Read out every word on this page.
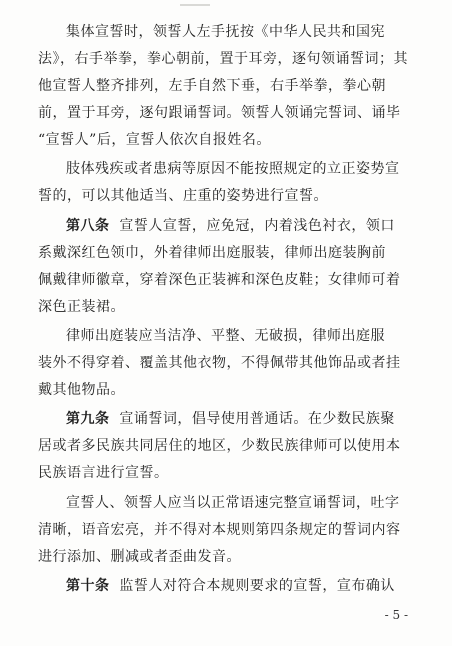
集体宣誓时，领誓人左手抚按《中华人民共和国宪
法》，右手举拳，拳心朝前，置于耳旁，逐句领诵誓词；其
他宣誓人整齐排列，左手自然下垂，右手举拳，拳心朝
前，置于耳旁，逐句跟诵誓词。领誓人领诵完誓词、诵毕
“宣誓人”后，宣誓人依次自报姓名。

肢体残疾或者患病等原因不能按照规定的立正姿势宣
誓的，可以其他适当、庄重的姿势进行宣誓。

第八条 宣誓人宣誓，应免冠，内着浅色衬衣，领口
系戴深红色领巾，外着律师出庭服装，律师出庭装胸前
佩戴律师徽章，穿着深色正装裤和深色皮鞋；女律师可着
深色正装裙。

律师出庭装应当洁净、平整、无破损，律师出庭服
装外不得穿着、覆盖其他衣物，不得佩带其他饰品或者挂
戴其他物品。

第九条 宣诵誓词，倡导使用普通话。在少数民族聚
居或者多民族共同居住的地区，少数民族律师可以使用本
民族语言进行宣誓。

宣誓人、领誓人应当以正常语速完整宣诵誓词，吐字
清晰，语音宏亮，并不得对本规则第四条规定的誓词内容
进行添加、删减或者歪曲发音。

第十条 监誓人对符合本规则要求的宣誓，宣布确认

- 5 -
